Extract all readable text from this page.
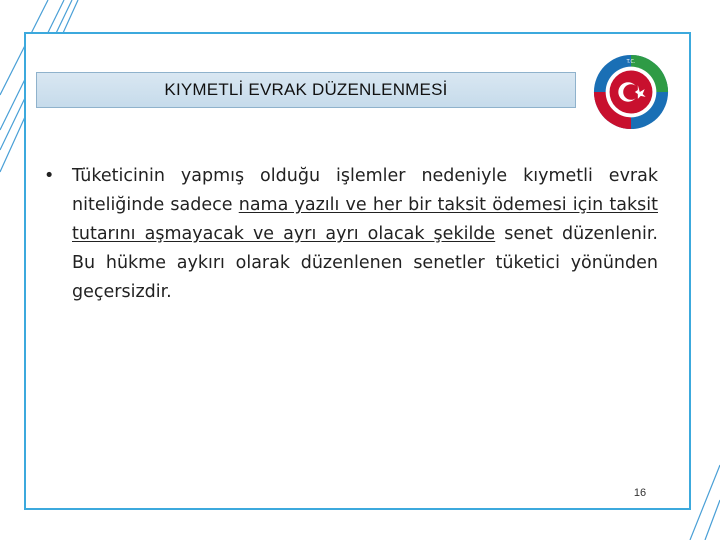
KIYMETLİ EVRAK DÜZENLENMESİ
T.C.
•	Tüketicinin yapmış olduğu işlemler nedeniyle kıymetli evrak niteliğinde sadece nama yazılı ve her bir taksit ödemesi için taksit tutarını aşmayacak ve ayrı ayrı olacak şekilde senet düzenlenir. Bu hükme aykırı olarak düzenlenen senetler tüketici yönünden geçersizdir.
16
